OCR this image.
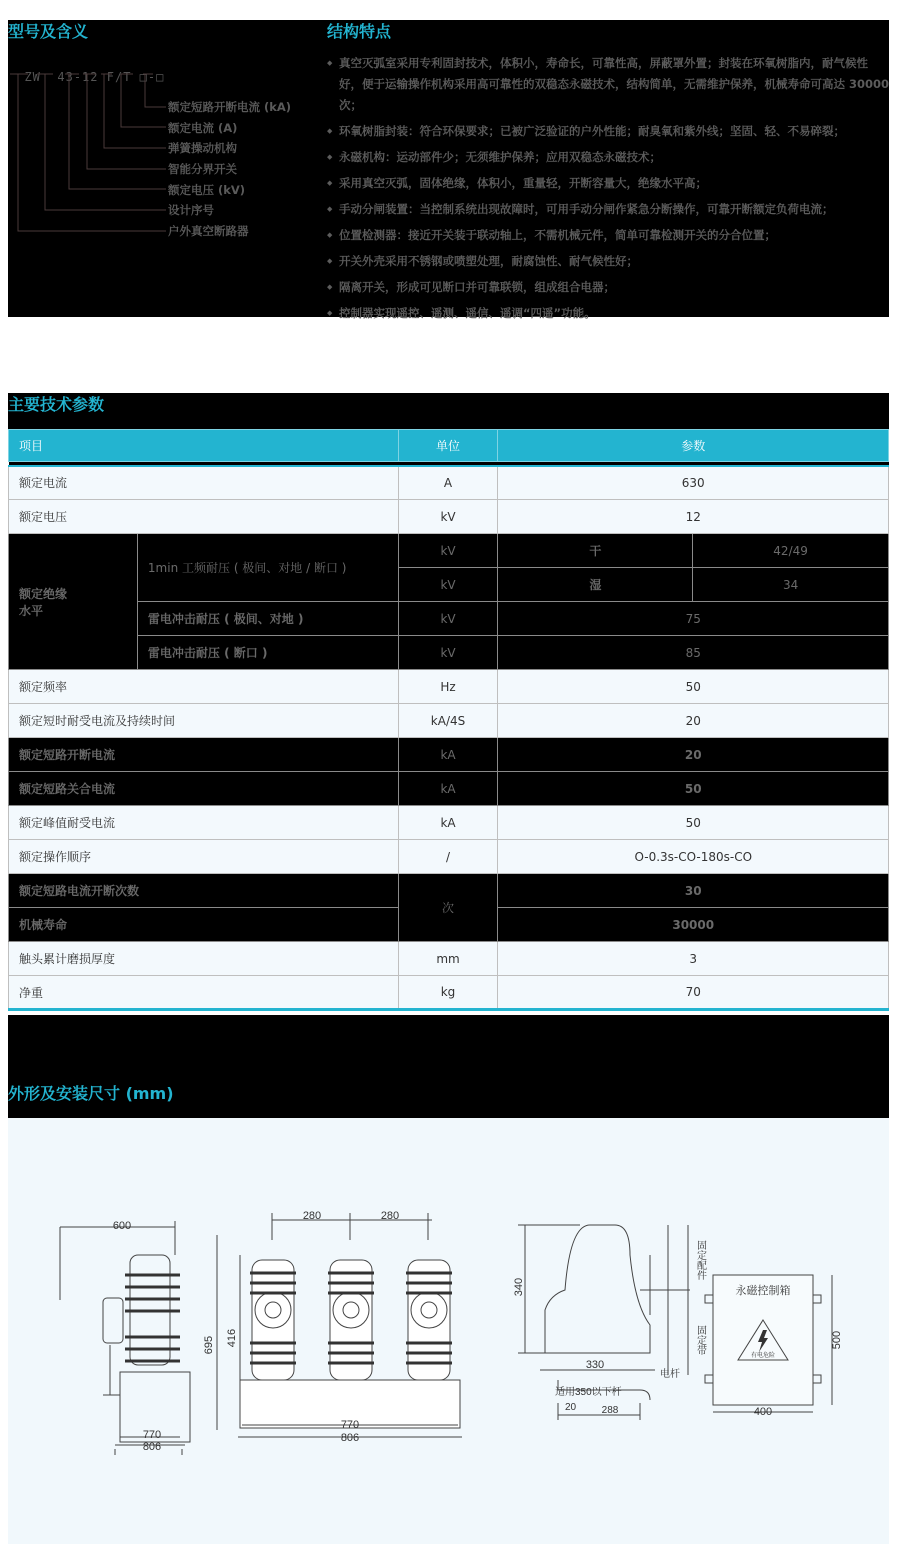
型号及含义

ZW 43-12 F/T □-□

额定短路开断电流 (kA)
额定电流 (A)
弹簧操动机构
智能分界开关
额定电压 (kV)
设计序号
户外真空断路器
结构特点
◆ 真空灭弧室采用专利固封技术，体积小，寿命长，可靠性高，屏蔽罩外置；封装在环氧树脂内，耐气候性好，便于运输操作机构采用高可靠性的双稳态永磁技术，结构简单，无需维护保养，机械寿命可高达 30000 次；
◆ 环氧树脂封装：符合环保要求；已被广泛验证的户外性能；耐臭氧和紫外线；坚固、轻、不易碎裂；
◆ 永磁机构：运动部件少；无须维护保养；应用双稳态永磁技术；
◆ 采用真空灭弧，固体绝缘，体积小，重量轻，开断容量大，绝缘水平高；
◆ 手动分闸装置：当控制系统出现故障时，可用手动分闸作紧急分断操作，可靠开断额定负荷电流；
◆ 位置检测器：接近开关装于联动轴上，不需机械元件，简单可靠检测开关的分合位置；
◆ 开关外壳采用不锈钢或喷塑处理，耐腐蚀性、耐气候性好；
◆ 隔离开关，形成可见断口并可靠联锁，组成组合电器；
◆ 控制器实现遥控、遥测、遥信、遥调“四遥”功能。
主要技术参数
项目		单位	参数	

额定电流		A	630	
额定电压		kV	12	
额定绝缘水平	1min 工频耐压 ( 极间、对地 / 断口 )	kV	干	42/49
		kV	湿	34
	雷电冲击耐压 ( 极间、对地 )	kV	75	
	雷电冲击耐压 ( 断口 )	kV	85	
额定频率		Hz	50	
额定短时耐受电流及持续时间		kA/4S	20	
额定短路开断电流		kA	20	
额定短路关合电流		kA	50	
额定峰值耐受电流		kA	50	
额定操作顺序		/	O-0.3s-CO-180s-CO	
额定短路电流开断次数		次	30	
机械寿命			30000	
触头累计磨损厚度		mm	3	
净重		kg	70	
外形及安装尺寸 (mm)
600
770
806
280	280
695 416
770
806
340
330
适用350以下杆
20	288
电杆
固定配件
固定带
永磁控制箱
有电危险
500
400
